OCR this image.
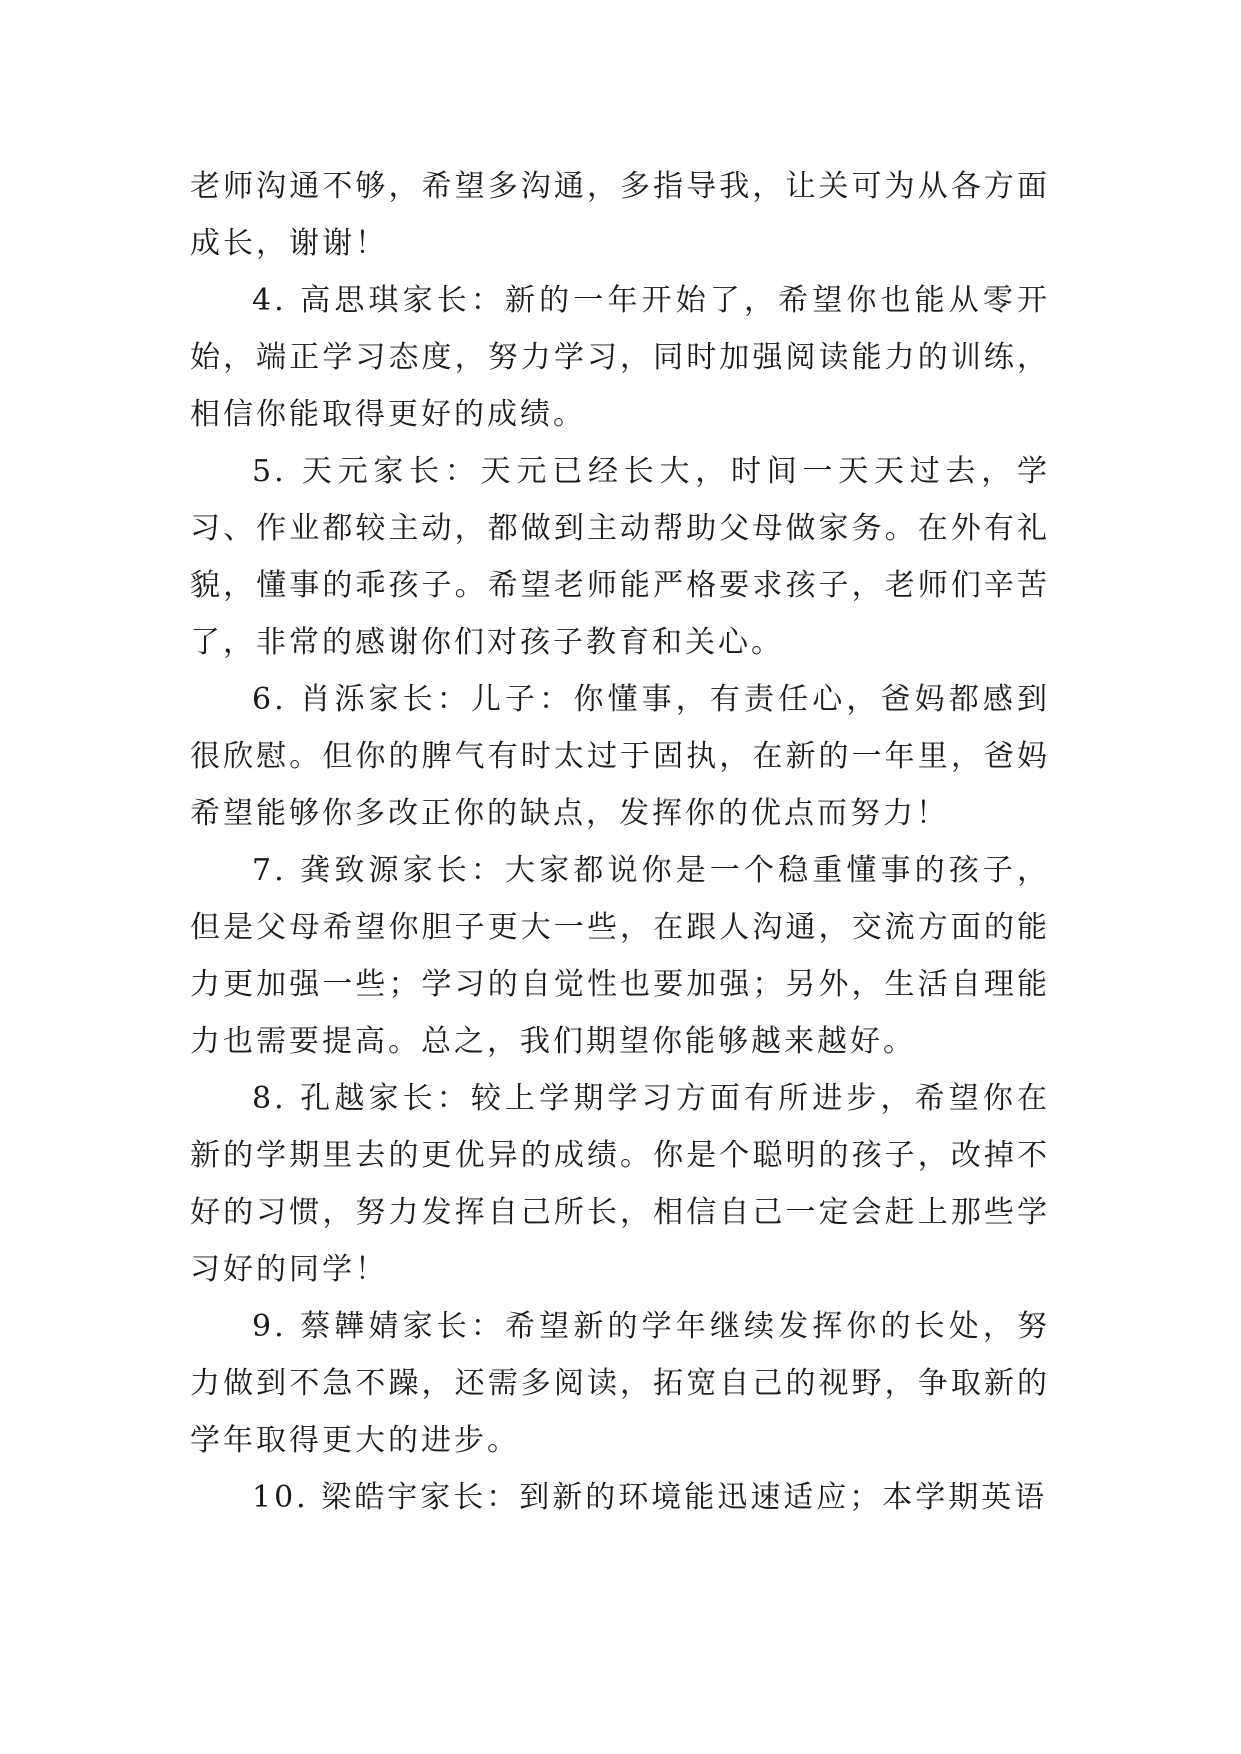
老师沟通不够，希望多沟通，多指导我，让关可为从各方面成长，谢谢！

4. 高思琪家长：新的一年开始了，希望你也能从零开始，端正学习态度，努力学习，同时加强阅读能力的训练，相信你能取得更好的成绩。

5. 天元家长：天元已经长大，时间一天天过去，学习、作业都较主动，都做到主动帮助父母做家务。在外有礼貌，懂事的乖孩子。希望老师能严格要求孩子，老师们辛苦了，非常的感谢你们对孩子教育和关心。

6. 肖泺家长：儿子：你懂事，有责任心，爸妈都感到很欣慰。但你的脾气有时太过于固执，在新的一年里，爸妈希望能够你多改正你的缺点，发挥你的优点而努力！

7. 龚致源家长：大家都说你是一个稳重懂事的孩子，但是父母希望你胆子更大一些，在跟人沟通，交流方面的能力更加强一些；学习的自觉性也要加强；另外，生活自理能力也需要提高。总之，我们期望你能够越来越好。

8. 孔越家长：较上学期学习方面有所进步，希望你在新的学期里去的更优异的成绩。你是个聪明的孩子，改掉不好的习惯，努力发挥自己所长，相信自己一定会赶上那些学习好的同学！

9. 蔡韡婧家长：希望新的学年继续发挥你的长处，努力做到不急不躁，还需多阅读，拓宽自己的视野，争取新的学年取得更大的进步。

10. 梁皓宇家长：到新的环境能迅速适应；本学期英语
